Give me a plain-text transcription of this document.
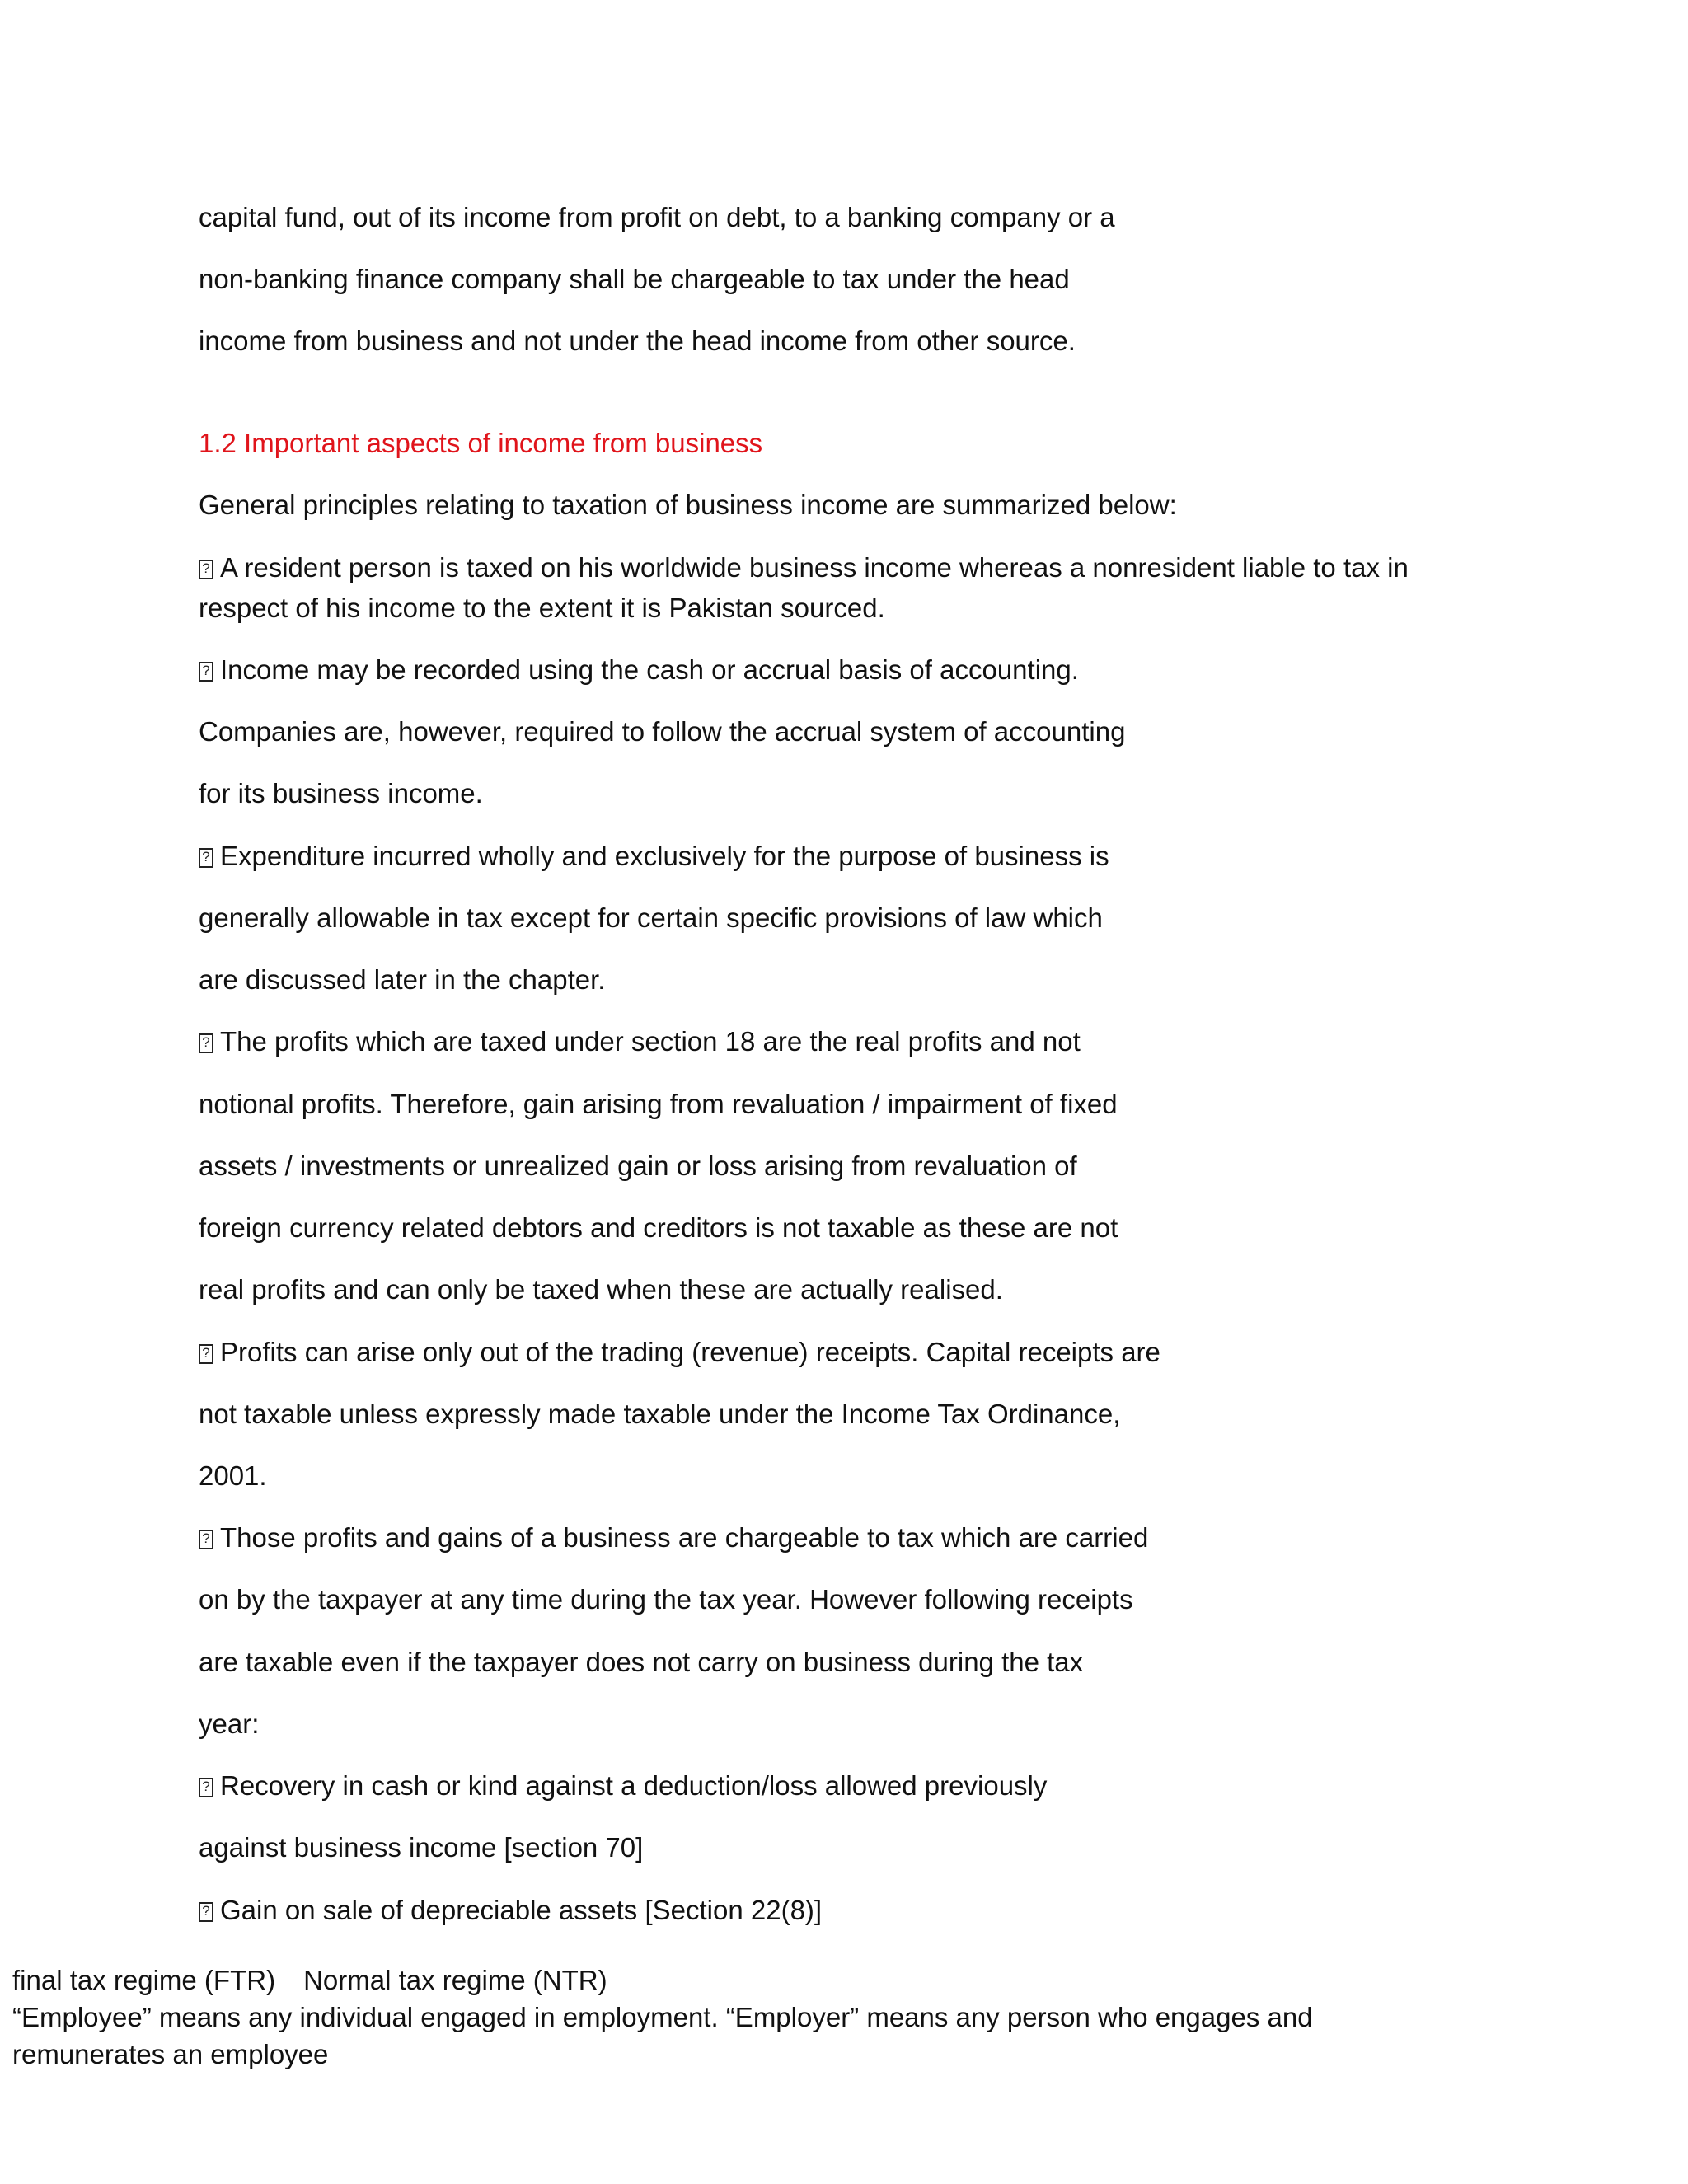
capital fund, out of its income from profit on debt, to a banking company or a
non-banking finance company shall be chargeable to tax under the head
income from business and not under the head income from other source.
1.2 Important aspects of income from business
General principles relating to taxation of business income are summarized below:
?A resident person is taxed on his worldwide business income whereas a nonresident liable to tax in
respect of his income to the extent it is Pakistan sourced.
?Income may be recorded using the cash or accrual basis of accounting.
Companies are, however, required to follow the accrual system of accounting
for its business income.
?Expenditure incurred wholly and exclusively for the purpose of business is
generally allowable in tax except for certain specific provisions of law which
are discussed later in the chapter.
?The profits which are taxed under section 18 are the real profits and not
notional profits. Therefore, gain arising from revaluation / impairment of fixed
assets / investments or unrealized gain or loss arising from revaluation of
foreign currency related debtors and creditors is not taxable as these are not
real profits and can only be taxed when these are actually realised.
?Profits can arise only out of the trading (revenue) receipts. Capital receipts are
not taxable unless expressly made taxable under the Income Tax Ordinance,
2001.
?Those profits and gains of a business are chargeable to tax which are carried
on by the taxpayer at any time during the tax year. However following receipts
are taxable even if the taxpayer does not carry on business during the tax
year:
?Recovery in cash or kind against a deduction/loss allowed previously
against business income [section 70]
?Gain on sale of depreciable assets [Section 22(8)]
final tax regime (FTR) Normal tax regime (NTR)
“Employee” means any individual engaged in employment. “Employer” means any person who engages and
remunerates an employee
